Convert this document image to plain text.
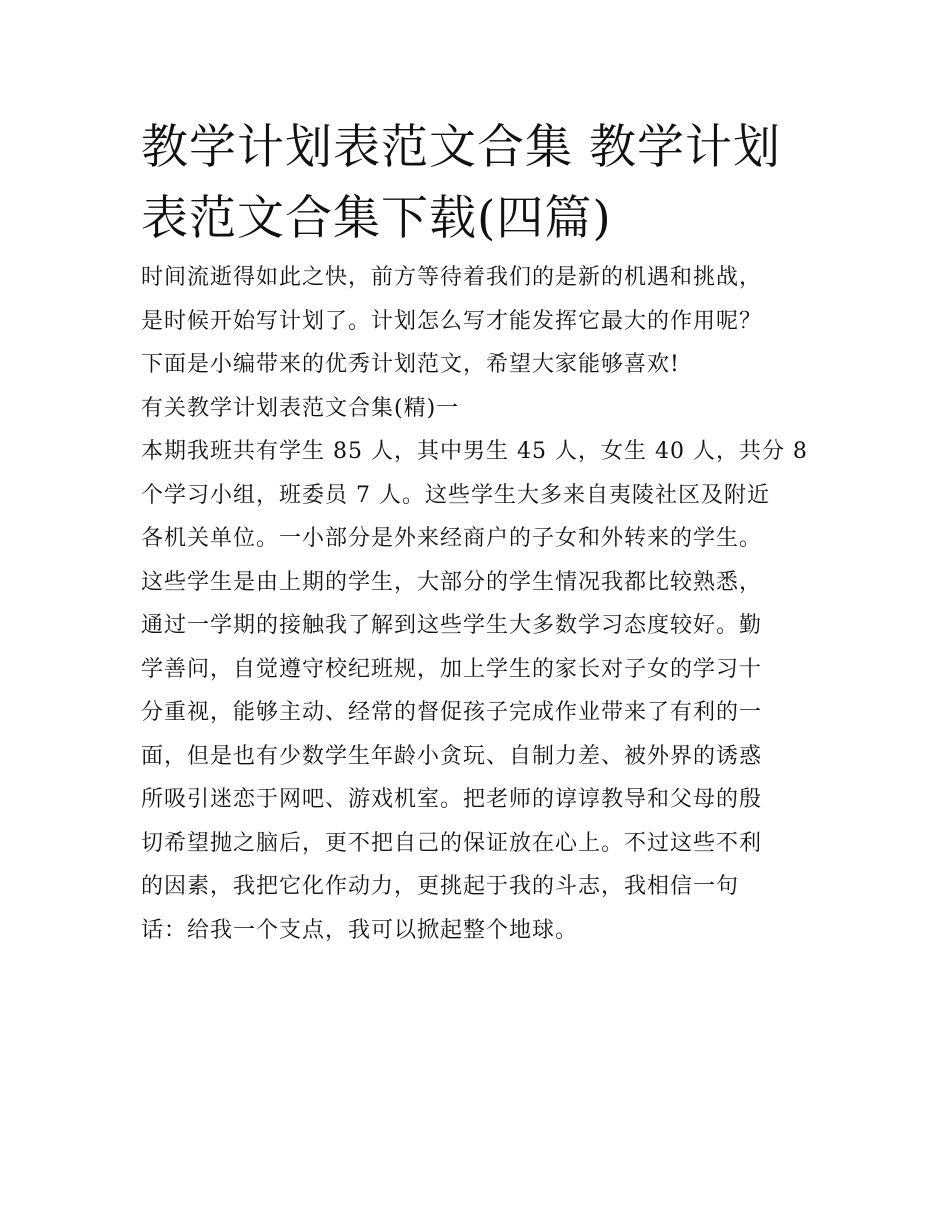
教学计划表范文合集 教学计划表范文合集下载(四篇)
时间流逝得如此之快，前方等待着我们的是新的机遇和挑战，
是时候开始写计划了。计划怎么写才能发挥它最大的作用呢？
下面是小编带来的优秀计划范文，希望大家能够喜欢!
有关教学计划表范文合集(精)一
本期我班共有学生 85 人，其中男生 45 人，女生 40 人，共分 8
个学习小组，班委员 7 人。这些学生大多来自夷陵社区及附近
各机关单位。一小部分是外来经商户的子女和外转来的学生。
这些学生是由上期的学生，大部分的学生情况我都比较熟悉，
通过一学期的接触我了解到这些学生大多数学习态度较好。勤
学善问，自觉遵守校纪班规，加上学生的家长对子女的学习十
分重视，能够主动、经常的督促孩子完成作业带来了有利的一
面，但是也有少数学生年龄小贪玩、自制力差、被外界的诱惑
所吸引迷恋于网吧、游戏机室。把老师的谆谆教导和父母的殷
切希望抛之脑后，更不把自己的保证放在心上。不过这些不利
的因素，我把它化作动力，更挑起于我的斗志，我相信一句
话：给我一个支点，我可以掀起整个地球。
